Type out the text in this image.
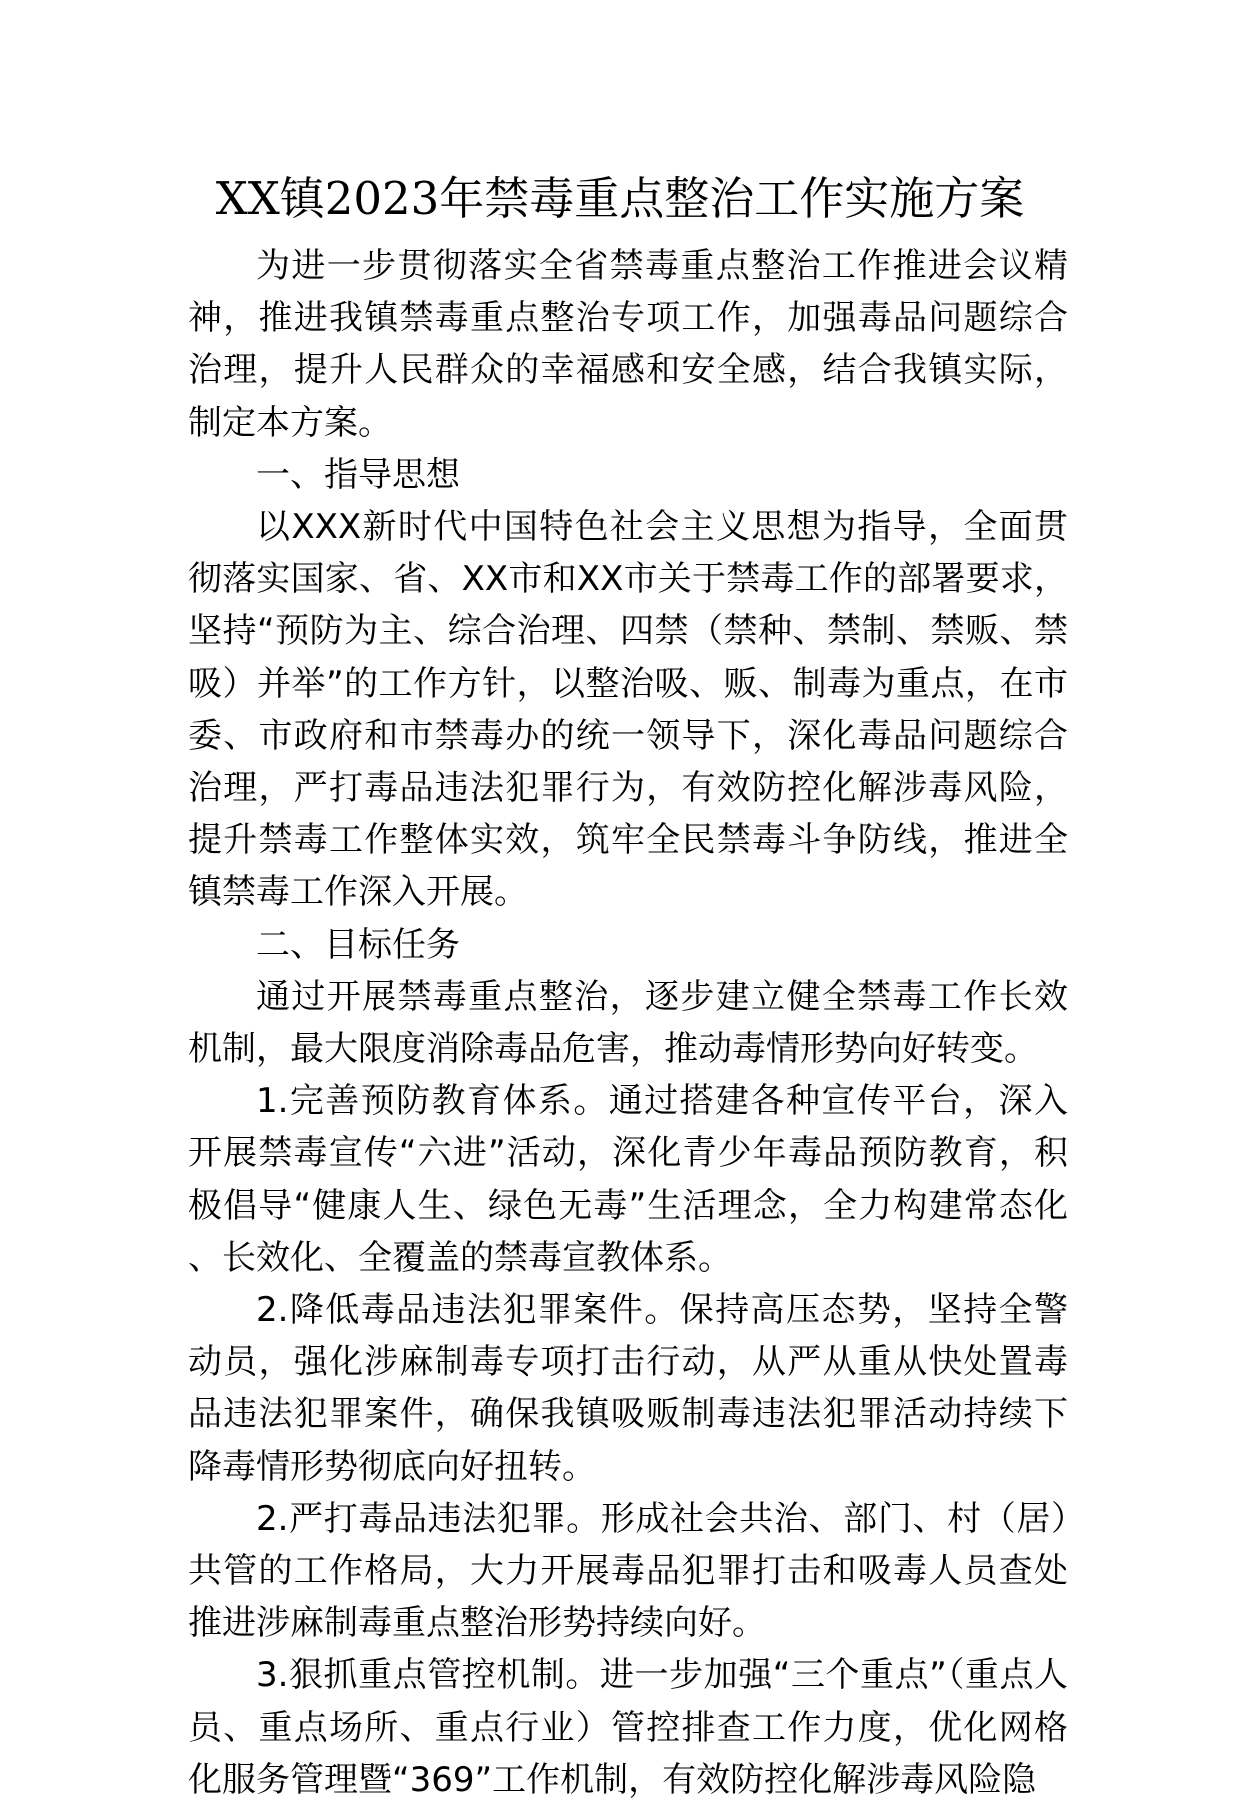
XX镇2023年禁毒重点整治工作实施方案

为进一步贯彻落实全省禁毒重点整治工作推进会议精神，推进我镇禁毒重点整治专项工作，加强毒品问题综合治理，提升人民群众的幸福感和安全感，结合我镇实际，制定本方案。

一、指导思想

以XXX新时代中国特色社会主义思想为指导，全面贯彻落实国家、省、XX市和XX市关于禁毒工作的部署要求，坚持“预防为主、综合治理、四禁（禁种、禁制、禁贩、禁吸）并举”的工作方针，以整治吸、贩、制毒为重点，在市委、市政府和市禁毒办的统一领导下，深化毒品问题综合治理，严打毒品违法犯罪行为，有效防控化解涉毒风险，提升禁毒工作整体实效，筑牢全民禁毒斗争防线，推进全镇禁毒工作深入开展。

二、目标任务

通过开展禁毒重点整治，逐步建立健全禁毒工作长效机制，最大限度消除毒品危害，推动毒情形势向好转变。

1.完善预防教育体系。通过搭建各种宣传平台，深入开展禁毒宣传“六进”活动，深化青少年毒品预防教育，积极倡导“健康人生、绿色无毒”生活理念，全力构建常态化、长效化、全覆盖的禁毒宣教体系。

2.降低毒品违法犯罪案件。保持高压态势，坚持全警动员，强化涉麻制毒专项打击行动，从严从重从快处置毒品违法犯罪案件，确保我镇吸贩制毒违法犯罪活动持续下降毒情形势彻底向好扭转。

2.严打毒品违法犯罪。形成社会共治、部门、村（居）共管的工作格局，大力开展毒品犯罪打击和吸毒人员查处推进涉麻制毒重点整治形势持续向好。

3.狠抓重点管控机制。进一步加强“三个重点”（重点人员、重点场所、重点行业）管控排查工作力度，优化网格化服务管理暨“369”工作机制，有效防控化解涉毒风险隐
